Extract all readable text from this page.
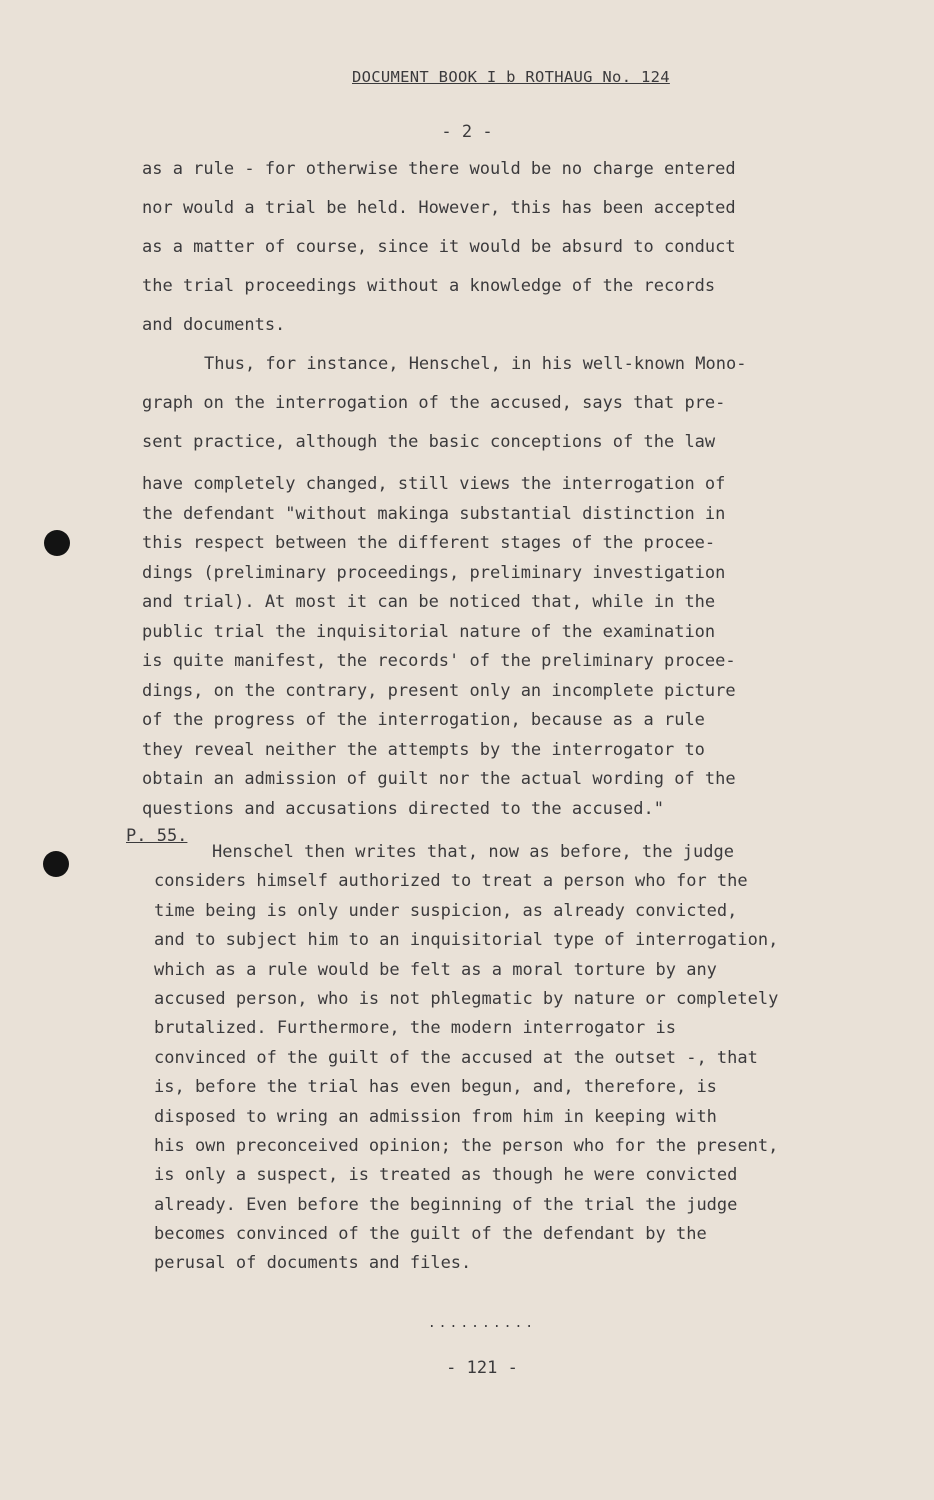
DOCUMENT BOOK I b ROTHAUG No. 124
- 2 -
as a rule - for otherwise there would be no charge entered
nor would a trial be held. However, this has been accepted
as a matter of course, since it would be absurd to conduct
the trial proceedings without a knowledge of the records
and documents.
Thus, for instance, Henschel, in his well-known Mono-
graph on the interrogation of the accused, says that pre-
sent practice, although the basic conceptions of the law
have completely changed, still views the interrogation of
the defendant "without makinga substantial distinction in
this respect between the different stages of the procee-
dings (preliminary proceedings, preliminary investigation
and trial). At most it can be noticed that, while in the
public trial the inquisitorial nature of the examination
is quite manifest, the records' of the preliminary procee-
dings, on the contrary, present only an incomplete picture
of the progress of the interrogation, because as a rule
they reveal neither the attempts by the interrogator to
obtain an admission of guilt nor the actual wording of the
questions and accusations directed to the accused."
P. 55.
Henschel then writes that, now as before, the judge
considers himself authorized to treat a person who for the
time being is only under suspicion, as already convicted,
and to subject him to an inquisitorial type of interrogation,
which as a rule would be felt as a moral torture by any
accused person, who is not phlegmatic by nature or completely
brutalized. Furthermore, the modern interrogator is
convinced of the guilt of the accused at the outset -, that
is, before the trial has even begun, and, therefore, is
disposed to wring an admission from him in keeping with
his own preconceived opinion; the person who for the present,
is only a suspect, is treated as though he were convicted
already. Even before the beginning of the trial the judge
becomes convinced of the guilt of the defendant by the
perusal of documents and files.
..........
- 121 -
